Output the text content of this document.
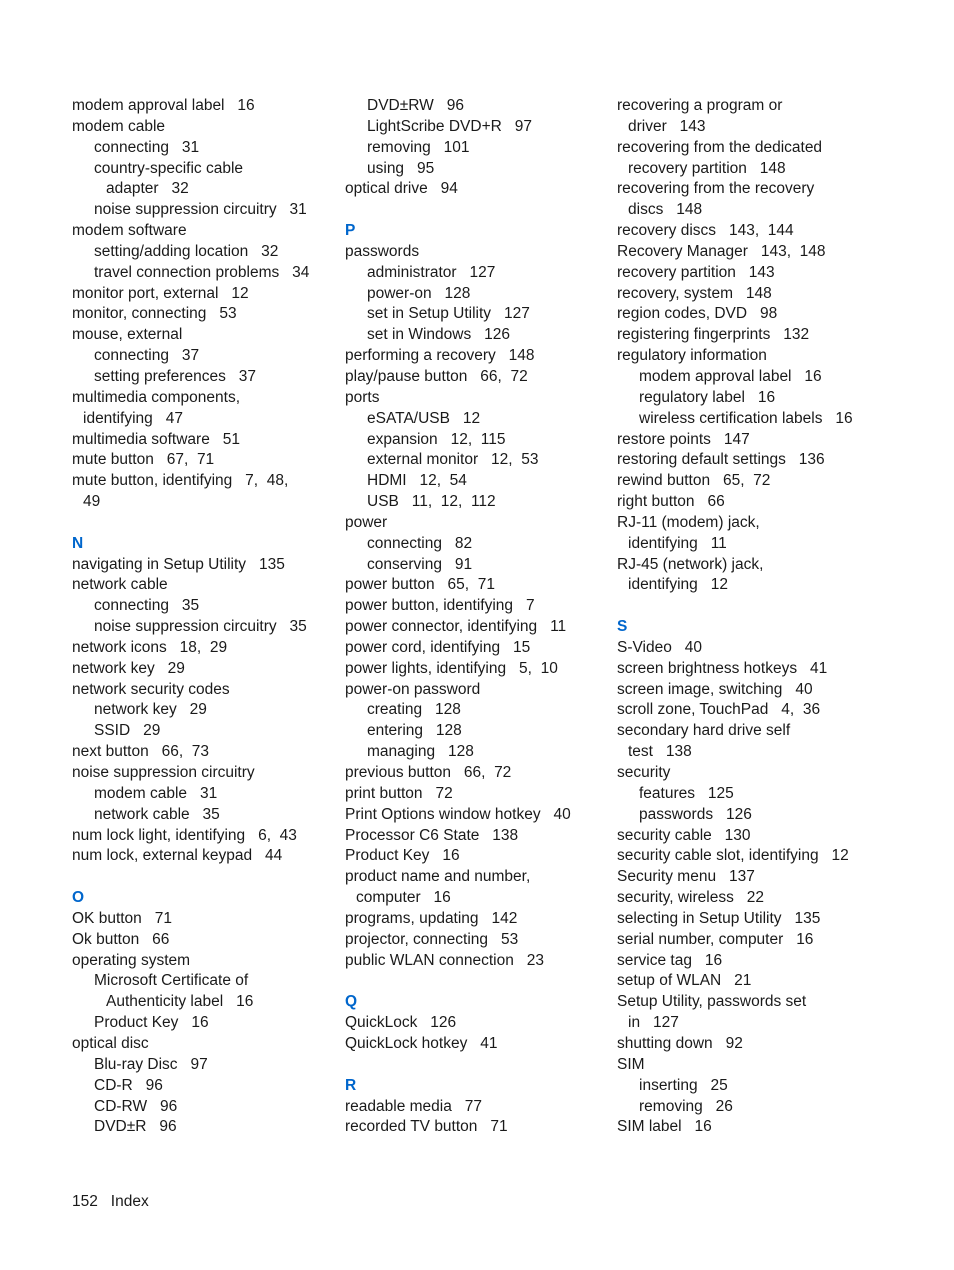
modem approval label   16
modem cable
connecting   31
country-specific cable
adapter   32
noise suppression circuitry   31
modem software
setting/adding location   32
travel connection problems   34
monitor port, external   12
monitor, connecting   53
mouse, external
connecting   37
setting preferences   37
multimedia components,
identifying   47
multimedia software   51
mute button   67,  71
mute button, identifying   7,  48,
49
N
navigating in Setup Utility   135
network cable
connecting   35
noise suppression circuitry   35
network icons   18,  29
network key   29
network security codes
network key   29
SSID   29
next button   66,  73
noise suppression circuitry
modem cable   31
network cable   35
num lock light, identifying   6,  43
num lock, external keypad   44
O
OK button   71
Ok button   66
operating system
Microsoft Certificate of
Authenticity label   16
Product Key   16
optical disc
Blu-ray Disc   97
CD-R   96
CD-RW   96
DVD±R   96
DVD±RW   96
LightScribe DVD+R   97
removing   101
using   95
optical drive   94
P
passwords
administrator   127
power-on   128
set in Setup Utility   127
set in Windows   126
performing a recovery   148
play/pause button   66,  72
ports
eSATA/USB   12
expansion   12,  115
external monitor   12,  53
HDMI   12,  54
USB   11,  12,  112
power
connecting   82
conserving   91
power button   65,  71
power button, identifying   7
power connector, identifying   11
power cord, identifying   15
power lights, identifying   5,  10
power-on password
creating   128
entering   128
managing   128
previous button   66,  72
print button   72
Print Options window hotkey   40
Processor C6 State   138
Product Key   16
product name and number,
computer   16
programs, updating   142
projector, connecting   53
public WLAN connection   23
Q
QuickLock   126
QuickLock hotkey   41
R
readable media   77
recorded TV button   71
recovering a program or
driver   143
recovering from the dedicated
recovery partition   148
recovering from the recovery
discs   148
recovery discs   143,  144
Recovery Manager   143,  148
recovery partition   143
recovery, system   148
region codes, DVD   98
registering fingerprints   132
regulatory information
modem approval label   16
regulatory label   16
wireless certification labels   16
restore points   147
restoring default settings   136
rewind button   65,  72
right button   66
RJ-11 (modem) jack,
identifying   11
RJ-45 (network) jack,
identifying   12
S
S-Video   40
screen brightness hotkeys   41
screen image, switching   40
scroll zone, TouchPad   4,  36
secondary hard drive self
test   138
security
features   125
passwords   126
security cable   130
security cable slot, identifying   12
Security menu   137
security, wireless   22
selecting in Setup Utility   135
serial number, computer   16
service tag   16
setup of WLAN   21
Setup Utility, passwords set
in   127
shutting down   92
SIM
inserting   25
removing   26
SIM label   16
152 Index
